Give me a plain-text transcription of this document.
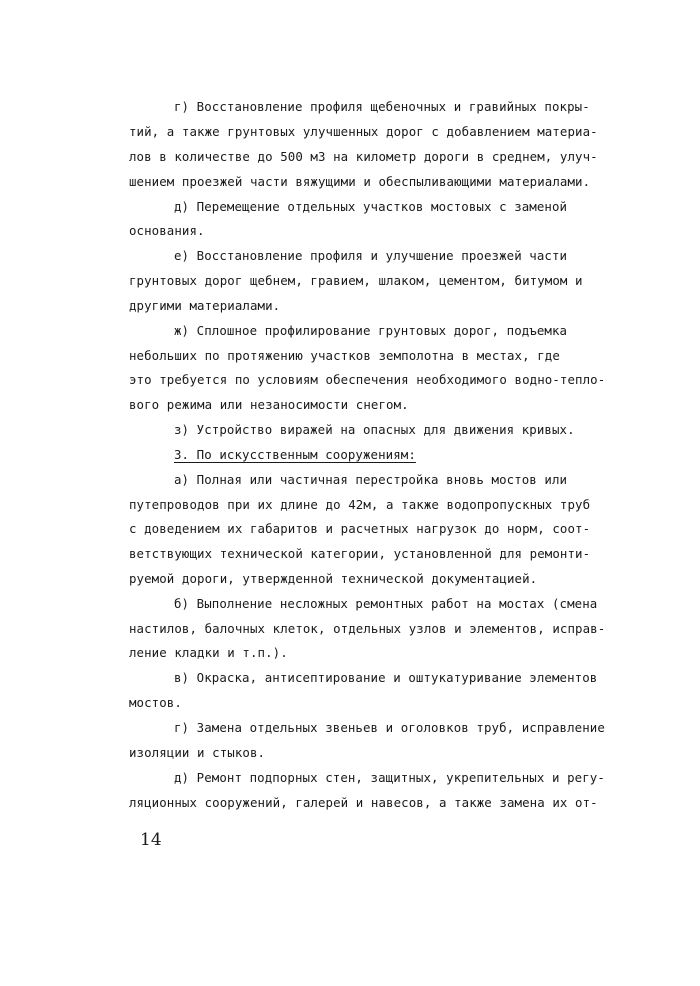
г) Восстановление профиля щебеночных и гравийных покры-
тий, а также грунтовых улучшенных дорог с добавлением материа-
лов в количестве до 500 м3 на километр дороги в среднем, улуч-
шением проезжей части вяжущими и обеспыливающими материалами.
д) Перемещение отдельных участков мостовых с заменой
основания.
е) Восстановление профиля и улучшение проезжей части
грунтовых дорог щебнем, гравием, шлаком, цементом, битумом и
другими материалами.
ж) Сплошное профилирование грунтовых дорог, подъемка
небольших по протяжению участков земполотна в местах, где
это требуется по условиям обеспечения необходимого водно-тепло-
вого режима или незаносимости снегом.
з) Устройство виражей на опасных для движения кривых.
3. По искусственным сооружениям:
а) Полная или частичная перестройка вновь мостов или
путепроводов при их длине до 42м, а также водопропускных труб
с доведением их габаритов и расчетных нагрузок до норм, соот-
ветствующих технической категории, установленной для ремонти-
руемой дороги, утвержденной технической документацией.
б) Выполнение несложных ремонтных работ на мостах (смена
настилов, балочных клеток, отдельных узлов и элементов, исправ-
ление кладки и т.п.).
в) Окраска, антисептирование и оштукатуривание элементов
мостов.
г) Замена отдельных звеньев и оголовков труб, исправление
изоляции и стыков.
д) Ремонт подпорных стен, защитных, укрепительных и регу-
ляционных сооружений, галерей и навесов, а также замена их от-
14
